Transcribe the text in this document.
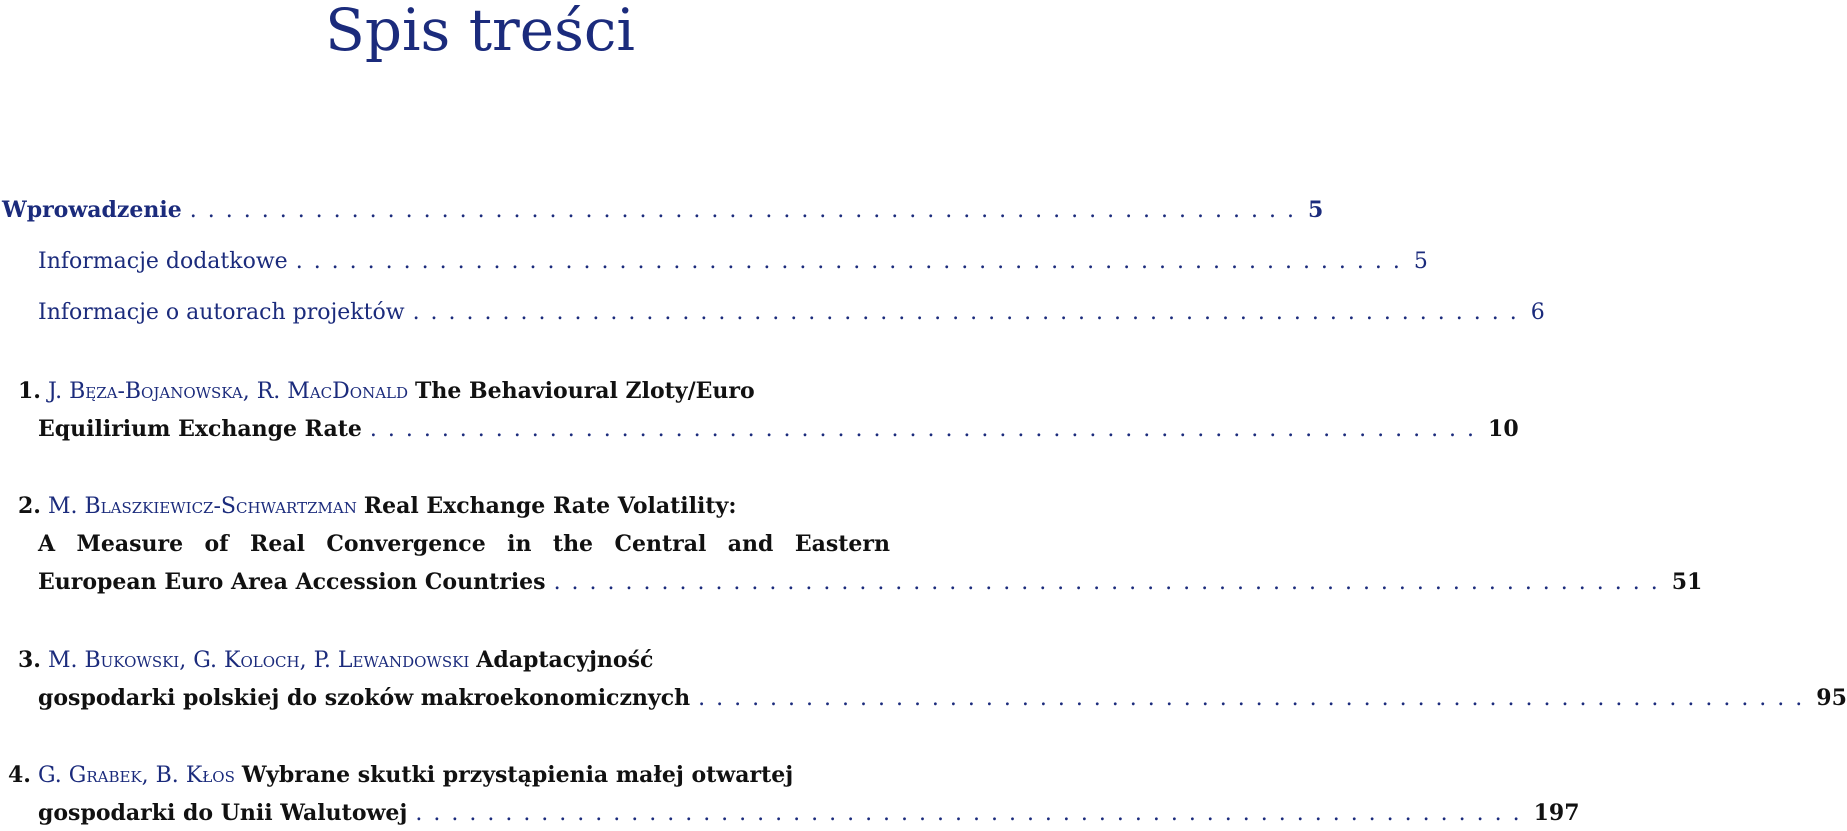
Spis treści
Wprowadzenie . . . . . . . . . . . . . . . . . . . . . . . . . . . . . . . . . . . . . . . . . . . . . . . . . . . . . . . . . . . . . . 5
Informacje dodatkowe . . . . . . . . . . . . . . . . . . . . . . . . . . . . . . . . . . . . . . . . . . . . . . . . . . . . . . . . . . . . . . 5
Informacje o autorach projektów . . . . . . . . . . . . . . . . . . . . . . . . . . . . . . . . . . . . . . . . . . . . . . . . . . . . . . . . . . . . . . 6
1. J. Bęza-Bojanowska, R. MacDonald The Behavioural Zloty/Euro
Equilirium Exchange Rate . . . . . . . . . . . . . . . . . . . . . . . . . . . . . . . . . . . . . . . . . . . . . . . . . . . . . . . . . . . . . . 10
2. M. Blaszkiewicz-Schwartzman Real Exchange Rate Volatility:
A Measure of Real Convergence in the Central and Eastern
European Euro Area Accession Countries . . . . . . . . . . . . . . . . . . . . . . . . . . . . . . . . . . . . . . . . . . . . . . . . . . . . . . . . . . . . . . 51
3. M. Bukowski, G. Koloch, P. Lewandowski Adaptacyjność
gospodarki polskiej do szoków makroekonomicznych . . . . . . . . . . . . . . . . . . . . . . . . . . . . . . . . . . . . . . . . . . . . . . . . . . . . . . . . . . . . . . 95
4. G. Grabek, B. Kłos Wybrane skutki przystąpienia małej otwartej
gospodarki do Unii Walutowej . . . . . . . . . . . . . . . . . . . . . . . . . . . . . . . . . . . . . . . . . . . . . . . . . . . . . . . . . . . . . . 197
